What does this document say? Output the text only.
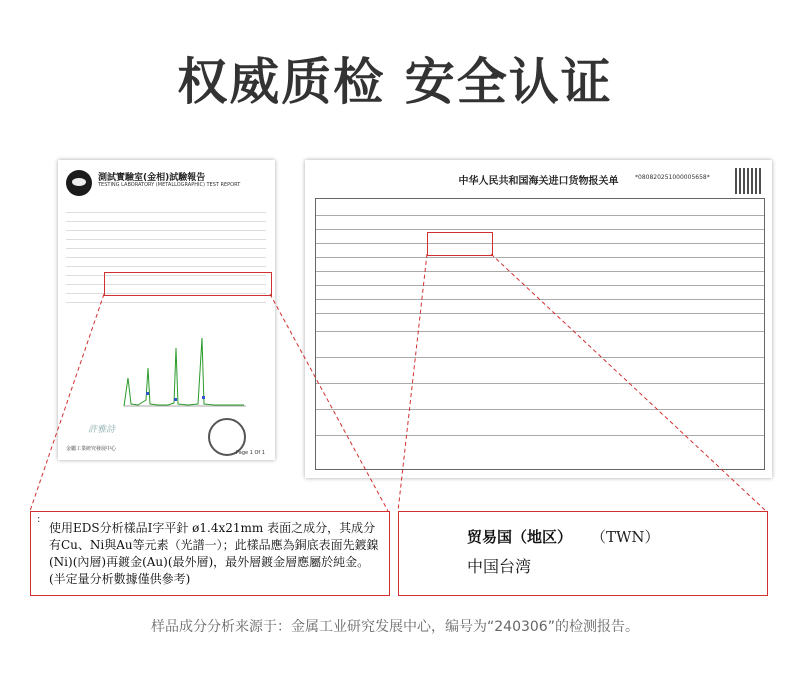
权威质检 安全认证
測試實驗室(金相)試驗報告
TESTING LABORATORY (METALLOGRAPHIC) TEST REPORT
許雅詩
金屬工業研究發展中心
Page 1 Of 1
中华人民共和国海关进口货物报关单	*080820251000005658*
:
使用EDS分析樣品I字平針 ø1.4x21mm 表面之成分，其成分有Cu、Ni與Au等元素（光譜一）；此樣品應為銅底表面先鍍鎳(Ni)(內層)再鍍金(Au)(最外層)，最外層鍍金層應屬於純金。(半定量分析數據僅供參考)
贸易国（地区） （TWN）
中国台湾
样品成分分析来源于：金属工业研究发展中心，编号为“240306”的检测报告。
